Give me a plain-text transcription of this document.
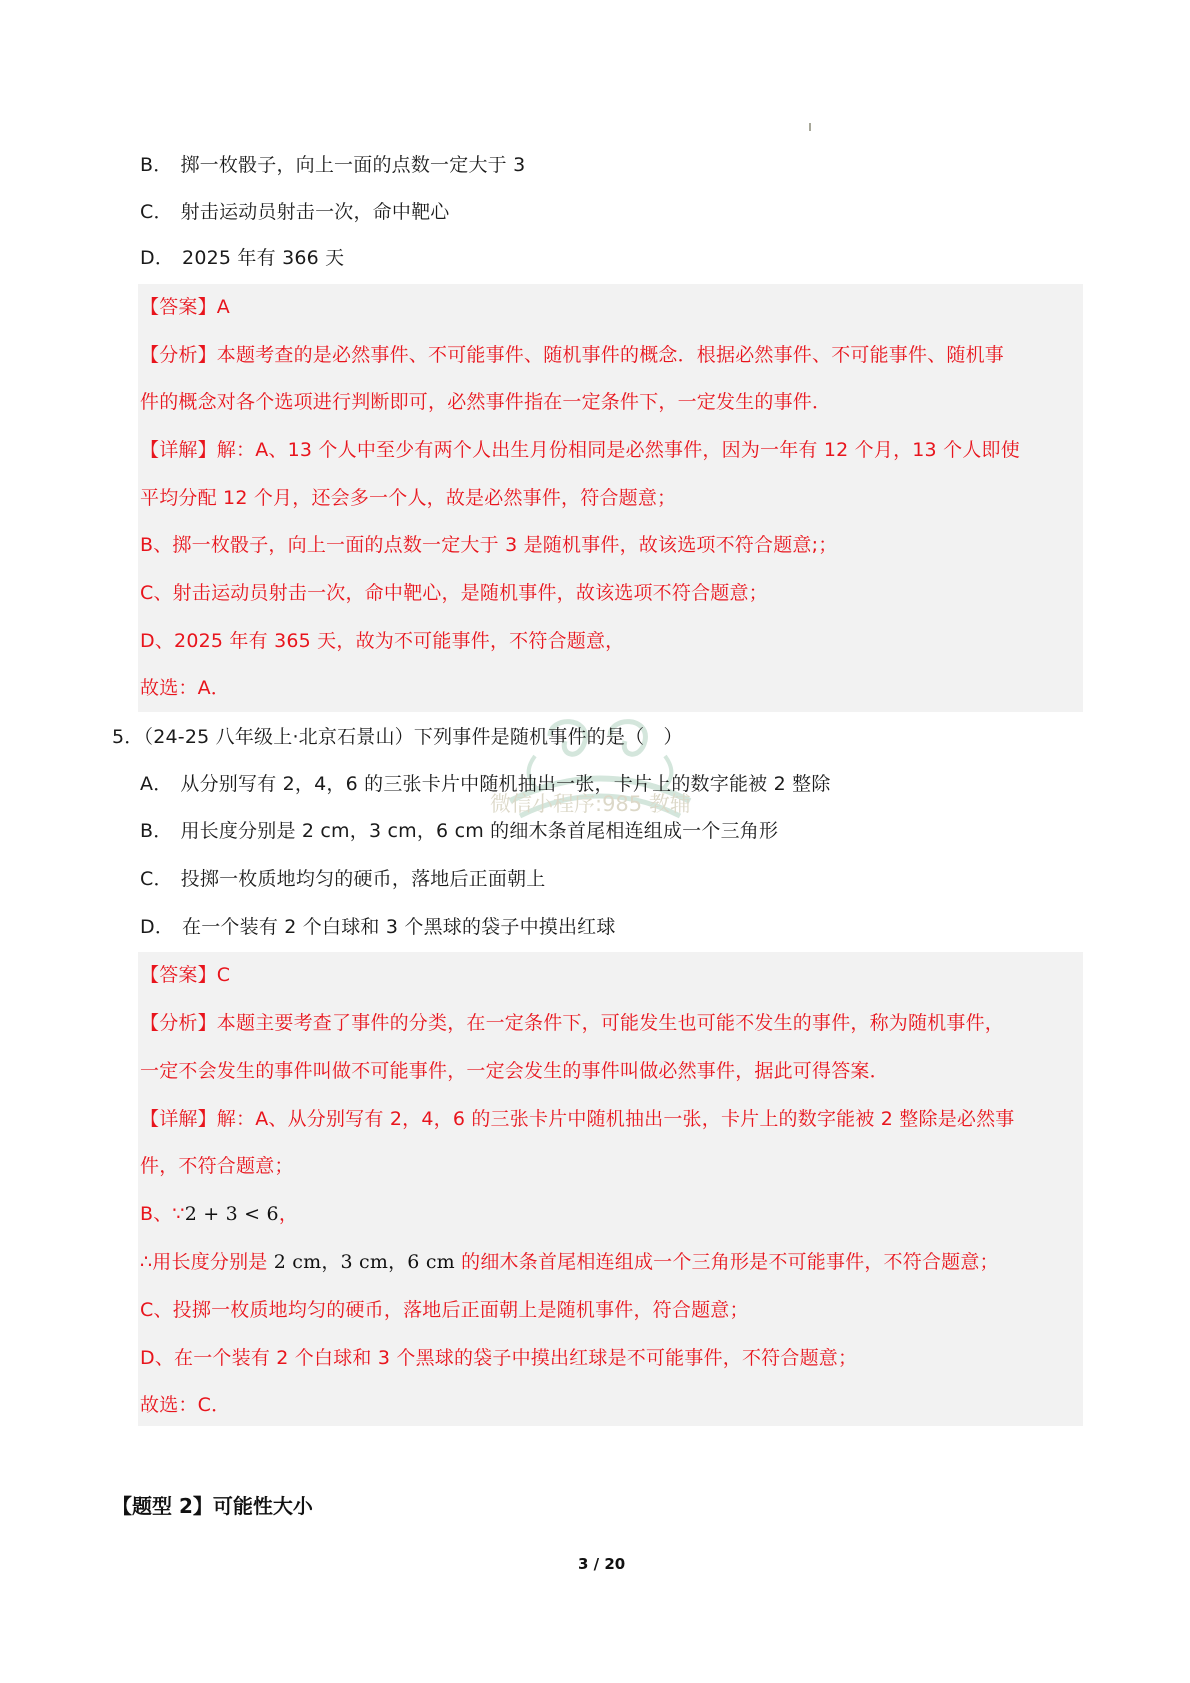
B． 掷一枚骰子，向上一面的点数一定大于 3
C． 射击运动员射击一次，命中靶心
D． 2025 年有 366 天
【答案】A
【分析】本题考查的是必然事件、不可能事件、随机事件的概念．根据必然事件、不可能事件、随机事
件的概念对各个选项进行判断即可，必然事件指在一定条件下，一定发生的事件．
【详解】解：A、13 个人中至少有两个人出生月份相同是必然事件，因为一年有 12 个月，13 个人即使
平均分配 12 个月，还会多一个人，故是必然事件，符合题意；
B、掷一枚骰子，向上一面的点数一定大于 3 是随机事件，故该选项不符合题意;；
C、射击运动员射击一次，命中靶心，是随机事件，故该选项不符合题意；
D、2025 年有 365 天，故为不可能事件，不符合题意，
故选：A．
微信小程序:985 教辅
5．（24-25 八年级上·北京石景山）下列事件是随机事件的是（　）
A． 从分别写有 2，4，6 的三张卡片中随机抽出一张，卡片上的数字能被 2 整除
B． 用长度分别是 2 cm，3 cm，6 cm 的细木条首尾相连组成一个三角形
C． 投掷一枚质地均匀的硬币，落地后正面朝上
D． 在一个装有 2 个白球和 3 个黑球的袋子中摸出红球
【答案】C
【分析】本题主要考查了事件的分类，在一定条件下，可能发生也可能不发生的事件，称为随机事件，
一定不会发生的事件叫做不可能事件，一定会发生的事件叫做必然事件，据此可得答案．
【详解】解：A、从分别写有 2，4，6 的三张卡片中随机抽出一张，卡片上的数字能被 2 整除是必然事
件，不符合题意；
B、∵2 + 3 < 6，
∴用长度分别是 2 cm，3 cm，6 cm 的细木条首尾相连组成一个三角形是不可能事件，不符合题意；
C、投掷一枚质地均匀的硬币，落地后正面朝上是随机事件，符合题意；
D、在一个装有 2 个白球和 3 个黑球的袋子中摸出红球是不可能事件，不符合题意；
故选：C．
【题型 2】可能性大小
3 / 20
